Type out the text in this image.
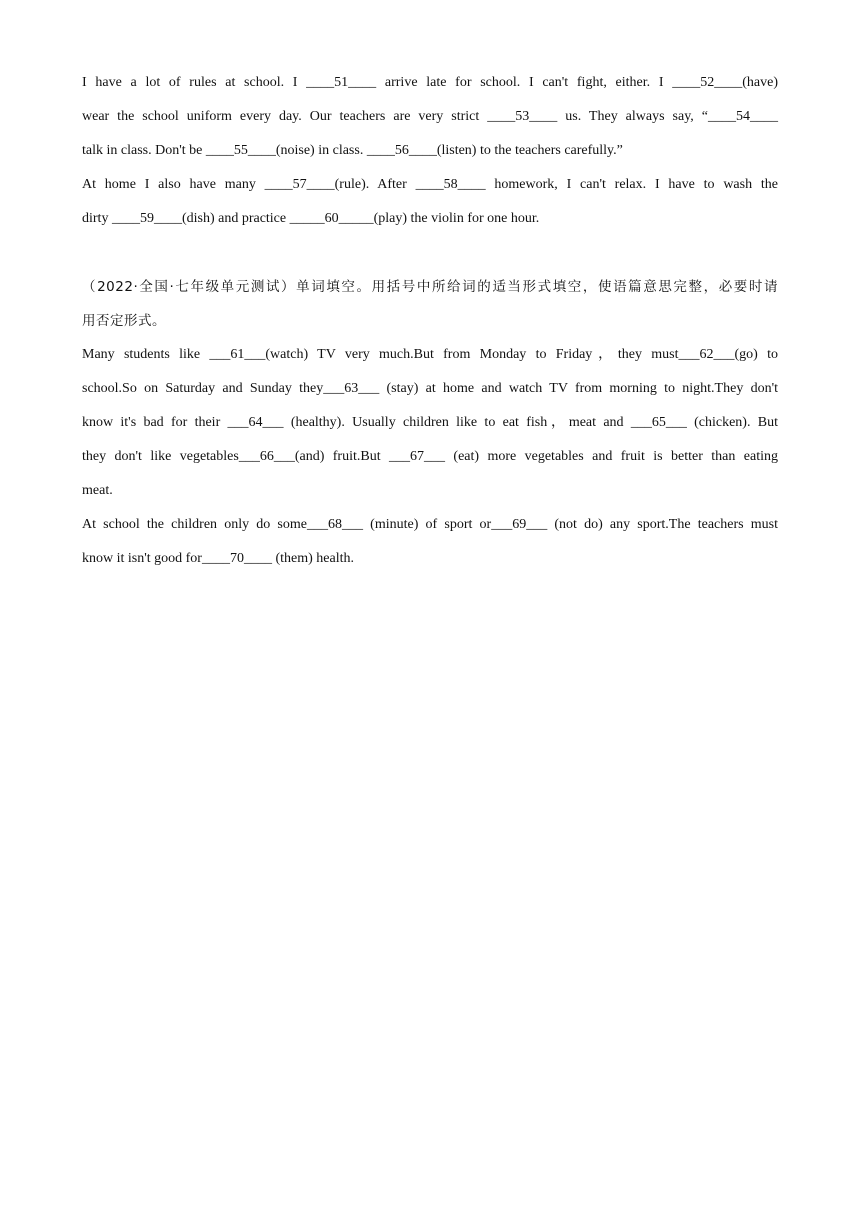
I have a lot of rules at school. I ____51____ arrive late for school. I can't fight, either. I ____52____(have)
wear the school uniform every day. Our teachers are very strict ____53____ us. They always say, “____54____
talk in class. Don't be ____55____(noise) in class. ____56____(listen) to the teachers carefully.”
At home I also have many ____57____(rule). After ____58____ homework, I can't relax. I have to wash the
dirty ____59____(dish) and practice _____60_____(play) the violin for one hour.
（2022·全国·七年级单元测试）单词填空。用括号中所给词的适当形式填空，使语篇意思完整，必要时请
用否定形式。
Many students like ___61___(watch) TV very much.But from Monday to Friday，they must___62___(go) to
school.So on Saturday and Sunday they___63___ (stay) at home and watch TV from morning to night.They don't
know it's bad for their ___64___ (healthy). Usually children like to eat fish，meat and ___65___ (chicken). But
they don't like vegetables___66___(and) fruit.But ___67___ (eat) more vegetables and fruit is better than eating
meat.
At school the children only do some___68___ (minute) of sport or___69___ (not do) any sport.The teachers must
know it isn't good for____70____ (them) health.
